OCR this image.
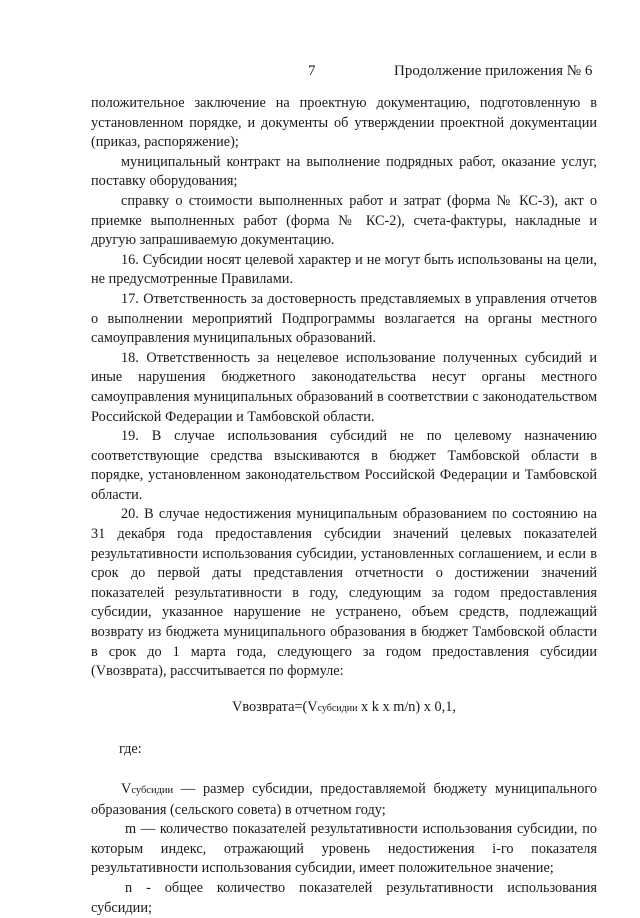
7	Продолжение приложения № 6

положительное заключение на проектную документацию, подготовленную в установленном порядке, и документы об утверждении проектной документации (приказ, распоряжение);

муниципальный контракт на выполнение подрядных работ, оказание услуг, поставку оборудования;

справку о стоимости выполненных работ и затрат (форма № КС-3), акт о приемке выполненных работ (форма № КС-2), счета-фактуры, накладные и другую запрашиваемую документацию.

16. Субсидии носят целевой характер и не могут быть использованы на цели, не предусмотренные Правилами.

17. Ответственность за достоверность представляемых в управления отчетов о выполнении мероприятий Подпрограммы возлагается на органы местного самоуправления муниципальных образований.

18. Ответственность за нецелевое использование полученных субсидий и иные нарушения бюджетного законодательства несут органы местного самоуправления муниципальных образований в соответствии с законодательством Российской Федерации и Тамбовской области.

19. В случае использования субсидий не по целевому назначению соответствующие средства взыскиваются в бюджет Тамбовской области в порядке, установленном законодательством Российской Федерации и Тамбовской области.

20. В случае недостижения муниципальным образованием по состоянию на 31 декабря года предоставления субсидии значений целевых показателей результативности использования субсидии, установленных соглашением, и если в срок до первой даты представления отчетности о достижении значений показателей результативности в году, следующим за годом предоставления субсидии, указанное нарушение не устранено, объем средств, подлежащий возврату из бюджета муниципального образования в бюджет Тамбовской области в срок до 1 марта года, следующего за годом предоставления субсидии (Vвозврата), рассчитывается по формуле:

Vвозврата=(Vсубсидии x k x m/n) x 0,1,

где:

Vсубсидии — размер субсидии, предоставляемой бюджету муниципального образования (сельского совета) в отчетном году;

m — количество показателей результативности использования субсидии, по которым индекс, отражающий уровень недостижения i-го показателя результативности использования субсидии, имеет положительное значение;

n - общее количество показателей результативности использования субсидии;
